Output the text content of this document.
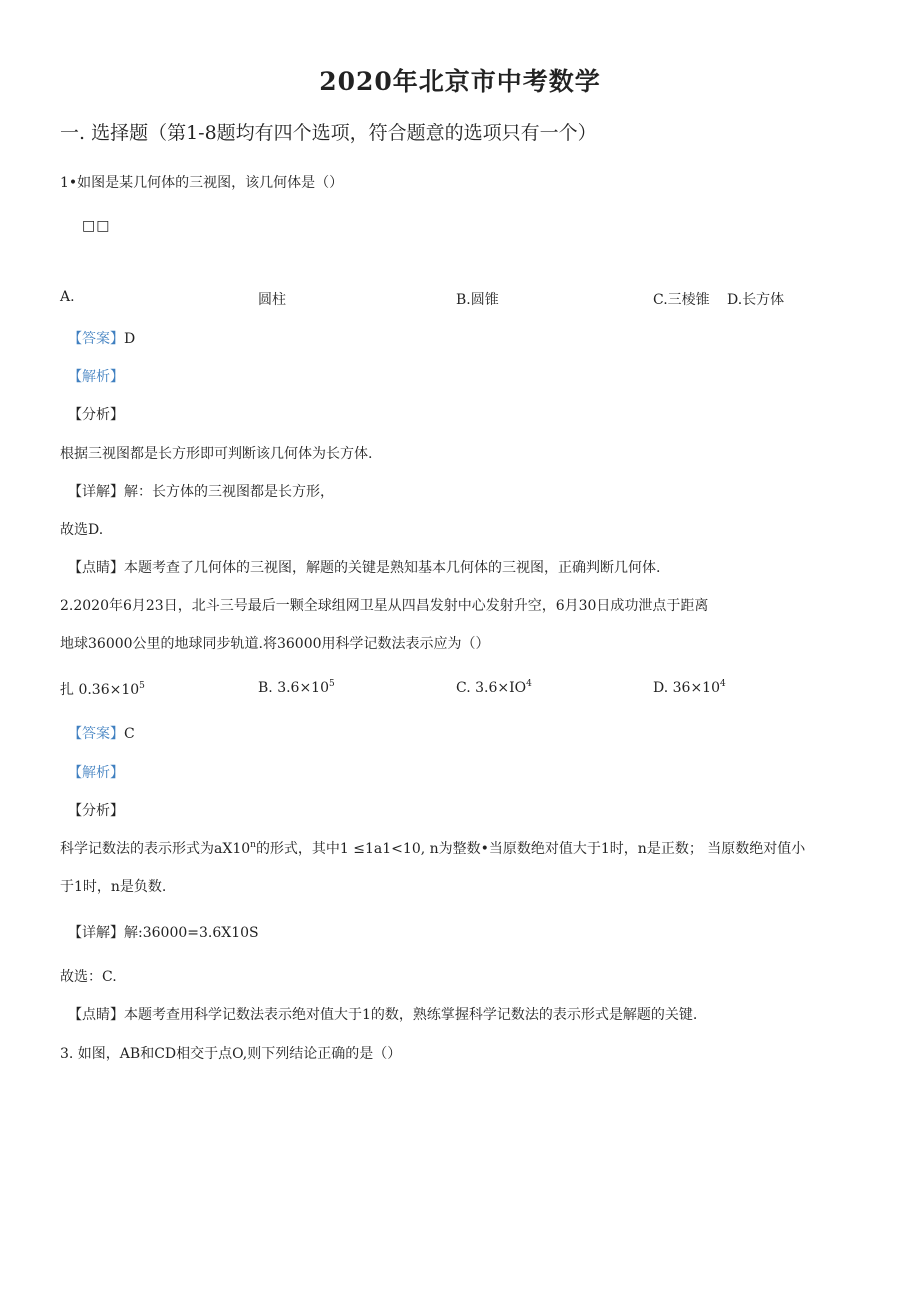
2020年北京市中考数学
一. 选择题（第1-8题均有四个选项，符合题意的选项只有一个）
1•如图是某几何体的三视图，该几何体是（）
□□
A.	圆柱	B.圆锥	C.三棱锥 D.长方体
【答案】D
【解析】
【分析】
根据三视图都是长方形即可判断该几何体为长方体.
【详解】解：长方体的三视图都是长方形，
故选D.
【点睛】本题考查了几何体的三视图，解题的关键是熟知基本几何体的三视图，正确判断几何体.
2.2020年6月23日，北斗三号最后一颗全球组网卫星从四昌发射中心发射升空，6月30日成功泄点于距离
地球36000公里的地球同步轨道.将36000用科学记数法表示应为（）
扎 $0.36\times 10^5$	B. $3.6\times 10^5$	C. $3.6\times IO^4$	D. $36\times 10^4$
【答案】C
【解析】
【分析】
科学记数法的表示形式为aX10$^n$的形式，其中1 ≤1a1<10, n为整数•当原数绝对值大于1时，n是正数； 当原数绝对值小
于1时，n是负数.
【详解】解:36000=3.6X10S
故选：C.
【点睛】本题考查用科学记数法表示绝对值大于1的数，熟练掌握科学记数法的表示形式是解题的关键.
3. 如图，AB和CD相交于点O,则下列结论正确的是（）
